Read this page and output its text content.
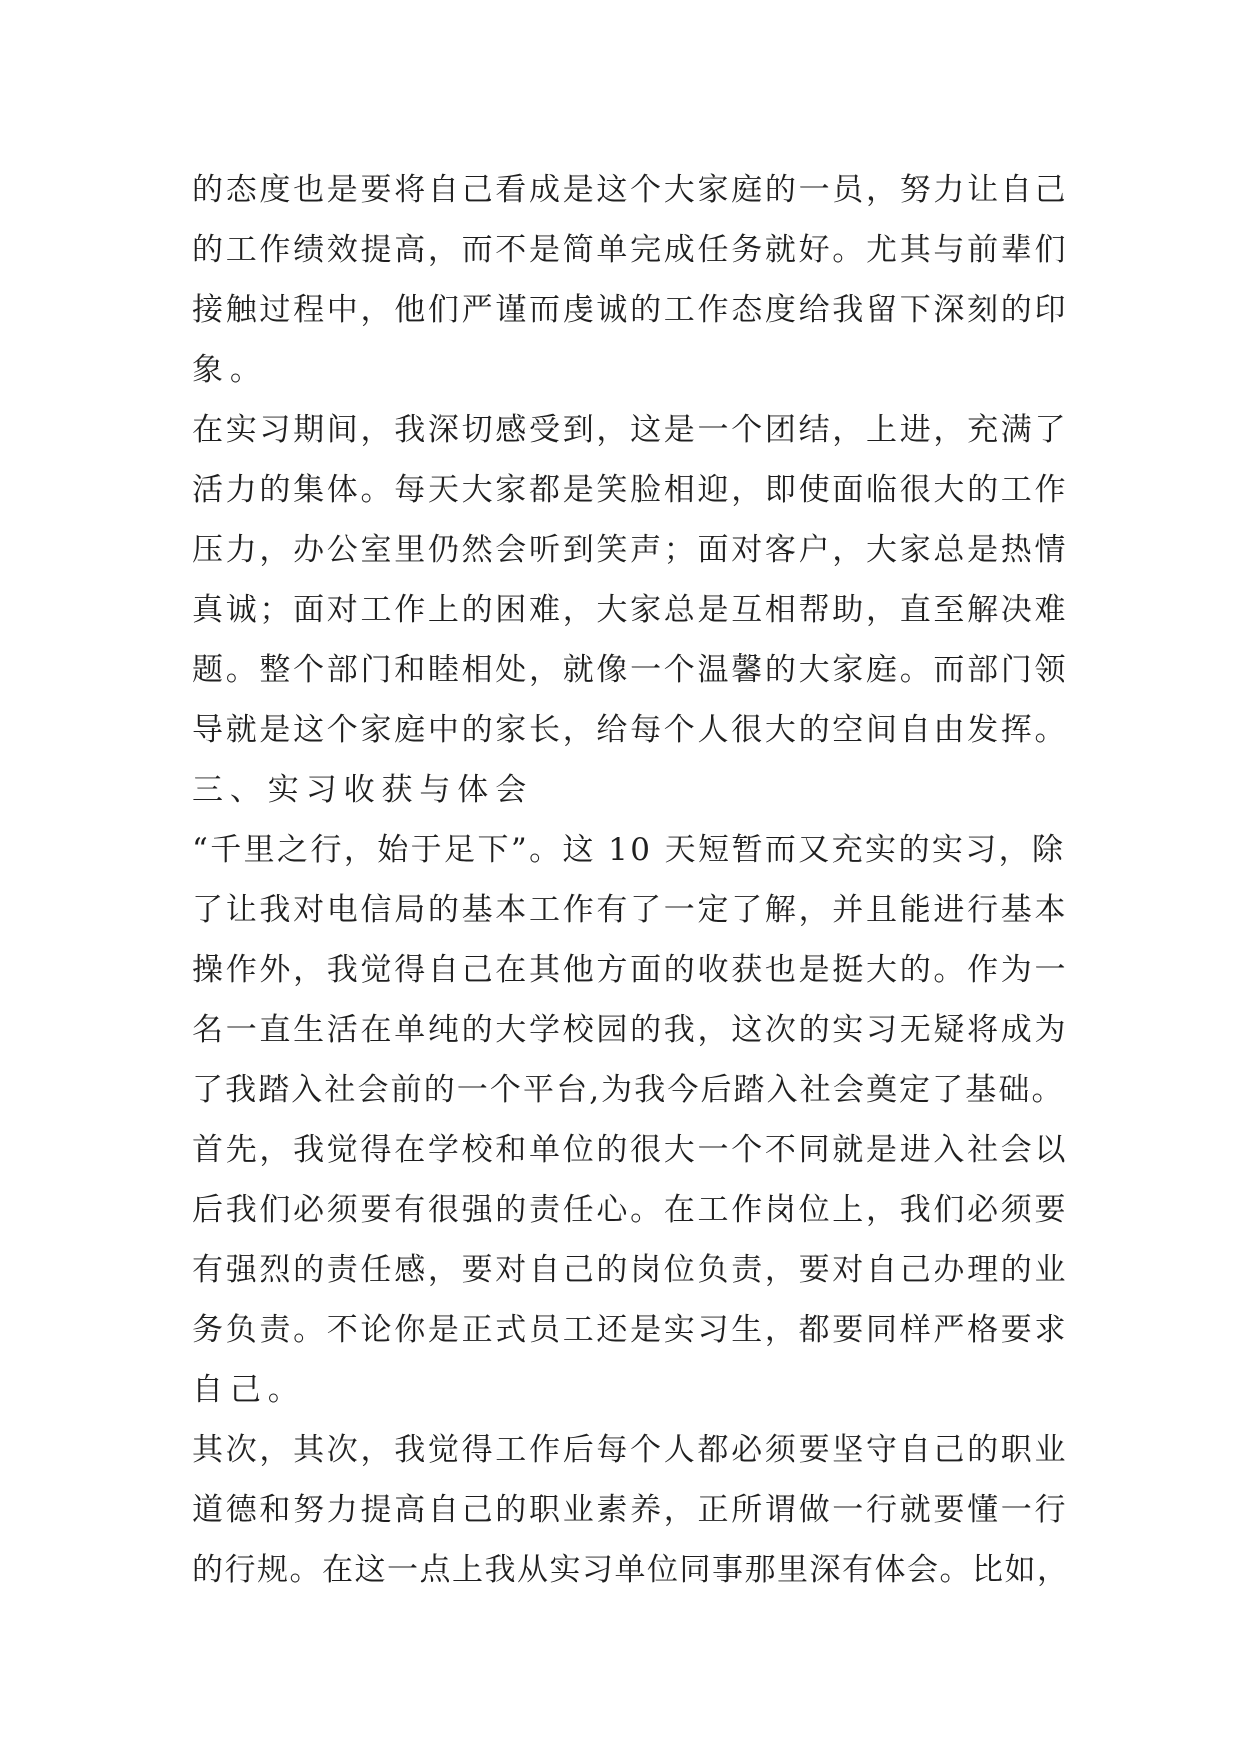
的态度也是要将自己看成是这个大家庭的一员，努力让自己
的工作绩效提高，而不是简单完成任务就好。尤其与前辈们
接触过程中，他们严谨而虔诚的工作态度给我留下深刻的印
象。
在实习期间，我深切感受到，这是一个团结，上进，充满了
活力的集体。每天大家都是笑脸相迎，即使面临很大的工作
压力，办公室里仍然会听到笑声；面对客户，大家总是热情
真诚；面对工作上的困难，大家总是互相帮助，直至解决难
题。整个部门和睦相处，就像一个温馨的大家庭。而部门领
导就是这个家庭中的家长，给每个人很大的空间自由发挥。
三、实习收获与体会
“千里之行，始于足下”。这 10 天短暂而又充实的实习，除
了让我对电信局的基本工作有了一定了解，并且能进行基本
操作外，我觉得自己在其他方面的收获也是挺大的。作为一
名一直生活在单纯的大学校园的我，这次的实习无疑将成为
了我踏入社会前的一个平台,为我今后踏入社会奠定了基础。
首先，我觉得在学校和单位的很大一个不同就是进入社会以
后我们必须要有很强的责任心。在工作岗位上，我们必须要
有强烈的责任感，要对自己的岗位负责，要对自己办理的业
务负责。不论你是正式员工还是实习生，都要同样严格要求
自己。
其次，其次，我觉得工作后每个人都必须要坚守自己的职业
道德和努力提高自己的职业素养，正所谓做一行就要懂一行
的行规。在这一点上我从实习单位同事那里深有体会。比如，
